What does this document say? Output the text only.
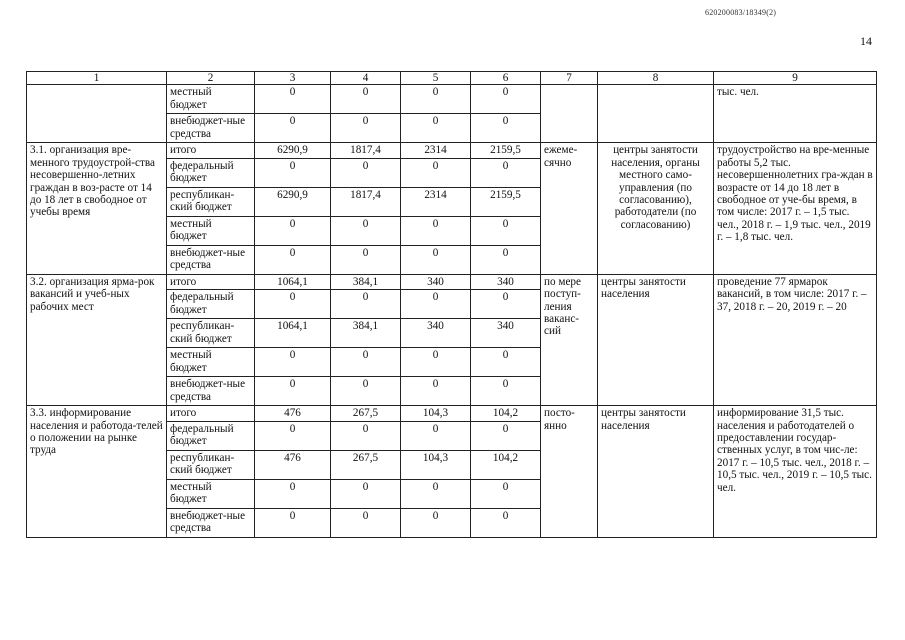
620200083/18349(2)
14
1	2	3	4	5	6	7	8	9
	местный бюджет	0	0	0	0			тыс. чел.
	внебюджет-ные средства	0	0	0	0			
3.1. организация вре-менного трудоустрой-ства несовершенно-летних граждан в воз-расте от 14 до 18 лет в свободное от учебы время	итого	6290,9	1817,4	2314	2159,5	ежеме-сячно	центры занятости населения, органы местного само-управления (по согласованию), работодатели (по согласованию)	трудоустройство на вре-менные работы 5,2 тыс. несовершеннолетних гра-ждан в возрасте от 14 до 18 лет в свободное от уче-бы время, в том числе: 2017 г. – 1,5 тыс. чел., 2018 г. – 1,9 тыс. чел., 2019 г. – 1,8 тыс. чел.
	федеральный бюджет	0	0	0	0			
	республикан-ский бюджет	6290,9	1817,4	2314	2159,5			
	местный бюджет	0	0	0	0			
	внебюджет-ные средства	0	0	0	0			
3.2. организация ярма-рок вакансий и учеб-ных рабочих мест	итого	1064,1	384,1	340	340	по мере поступ-ления ваканс-сий	центры занятости населения	проведение 77 ярмарок вакансий, в том числе: 2017 г. – 37, 2018 г. – 20, 2019 г. – 20
	федеральный бюджет	0	0	0	0			
	республикан-ский бюджет	1064,1	384,1	340	340			
	местный бюджет	0	0	0	0			
	внебюджет-ные средства	0	0	0	0			
3.3. информирование населения и работода-телей о положении на рынке труда	итого	476	267,5	104,3	104,2	посто-янно	центры занятости населения	информирование 31,5 тыс. населения и работодателей о предоставлении государ-ственных услуг, в том чис-ле: 2017 г. – 10,5 тыс. чел., 2018 г. – 10,5 тыс. чел., 2019 г. – 10,5 тыс. чел.
	федеральный бюджет	0	0	0	0			
	республикан-ский бюджет	476	267,5	104,3	104,2			
	местный бюджет	0	0	0	0			
	внебюджет-ные средства	0	0	0	0			
